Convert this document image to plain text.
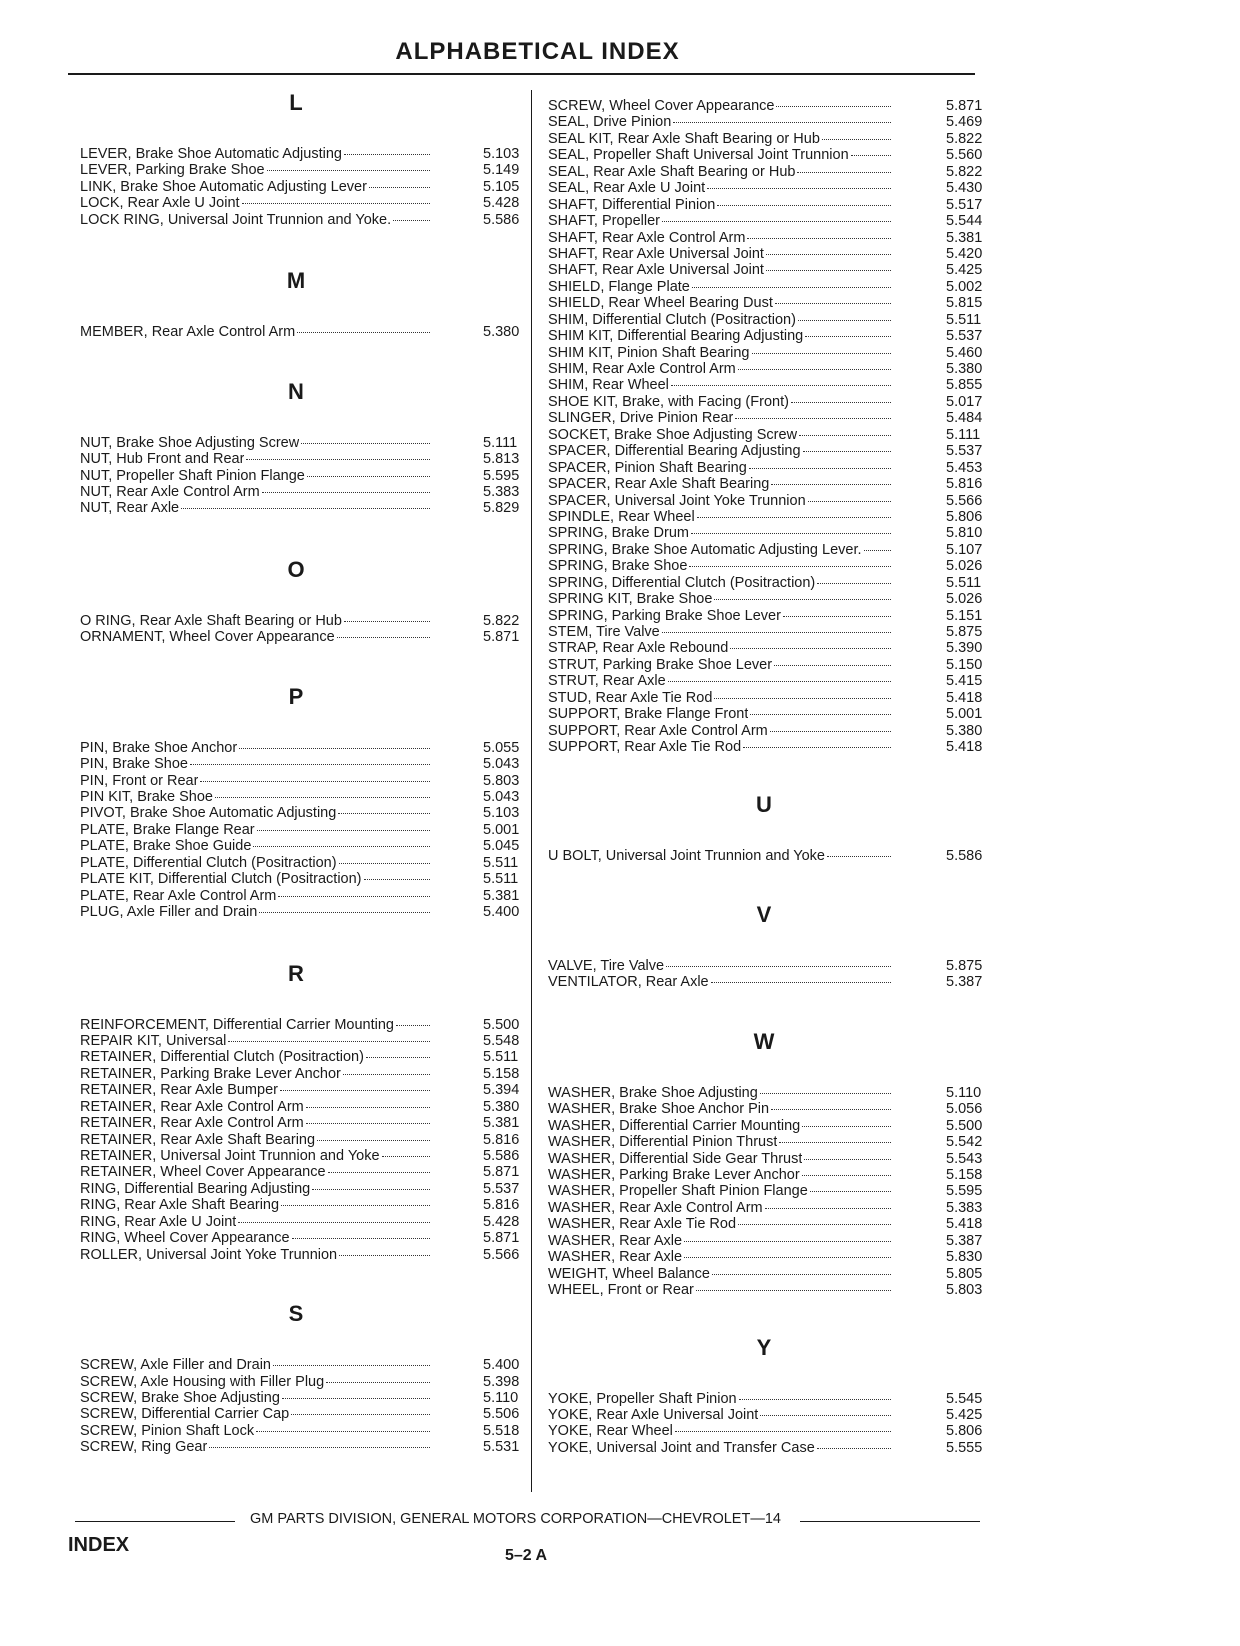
ALPHABETICAL INDEX
L
LEVER, Brake Shoe Automatic Adjusting	5.103
LEVER, Parking Brake Shoe	5.149
LINK, Brake Shoe Automatic Adjusting Lever	5.105
LOCK, Rear Axle U Joint	5.428
LOCK RING, Universal Joint Trunnion and Yoke.	5.586
M
MEMBER, Rear Axle Control Arm	5.380
N
NUT, Brake Shoe Adjusting Screw	5.111
NUT, Hub Front and Rear	5.813
NUT, Propeller Shaft Pinion Flange	5.595
NUT, Rear Axle Control Arm	5.383
NUT, Rear Axle	5.829
O
O RING, Rear Axle Shaft Bearing or Hub	5.822
ORNAMENT, Wheel Cover Appearance	5.871
P
PIN, Brake Shoe Anchor	5.055
PIN, Brake Shoe	5.043
PIN, Front or Rear	5.803
PIN KIT, Brake Shoe	5.043
PIVOT, Brake Shoe Automatic Adjusting	5.103
PLATE, Brake Flange Rear	5.001
PLATE, Brake Shoe Guide	5.045
PLATE, Differential Clutch (Positraction)	5.511
PLATE KIT, Differential Clutch (Positraction)	5.511
PLATE, Rear Axle Control Arm	5.381
PLUG, Axle Filler and Drain	5.400
R
REINFORCEMENT, Differential Carrier Mounting	5.500
REPAIR KIT, Universal	5.548
RETAINER, Differential Clutch (Positraction)	5.511
RETAINER, Parking Brake Lever Anchor	5.158
RETAINER, Rear Axle Bumper	5.394
RETAINER, Rear Axle Control Arm	5.380
RETAINER, Rear Axle Control Arm	5.381
RETAINER, Rear Axle Shaft Bearing	5.816
RETAINER, Universal Joint Trunnion and Yoke	5.586
RETAINER, Wheel Cover Appearance	5.871
RING, Differential Bearing Adjusting	5.537
RING, Rear Axle Shaft Bearing	5.816
RING, Rear Axle U Joint	5.428
RING, Wheel Cover Appearance	5.871
ROLLER, Universal Joint Yoke Trunnion	5.566
S
SCREW, Axle Filler and Drain	5.400
SCREW, Axle Housing with Filler Plug	5.398
SCREW, Brake Shoe Adjusting	5.110
SCREW, Differential Carrier Cap	5.506
SCREW, Pinion Shaft Lock	5.518
SCREW, Ring Gear	5.531
SCREW, Wheel Cover Appearance	5.871
SEAL, Drive Pinion	5.469
SEAL KIT, Rear Axle Shaft Bearing or Hub	5.822
SEAL, Propeller Shaft Universal Joint Trunnion	5.560
SEAL, Rear Axle Shaft Bearing or Hub	5.822
SEAL, Rear Axle U Joint	5.430
SHAFT, Differential Pinion	5.517
SHAFT, Propeller	5.544
SHAFT, Rear Axle Control Arm	5.381
SHAFT, Rear Axle Universal Joint	5.420
SHAFT, Rear Axle Universal Joint	5.425
SHIELD, Flange Plate	5.002
SHIELD, Rear Wheel Bearing Dust	5.815
SHIM, Differential Clutch (Positraction)	5.511
SHIM KIT, Differential Bearing Adjusting	5.537
SHIM KIT, Pinion Shaft Bearing	5.460
SHIM, Rear Axle Control Arm	5.380
SHIM, Rear Wheel	5.855
SHOE KIT, Brake, with Facing (Front)	5.017
SLINGER, Drive Pinion Rear	5.484
SOCKET, Brake Shoe Adjusting Screw	5.111
SPACER, Differential Bearing Adjusting	5.537
SPACER, Pinion Shaft Bearing	5.453
SPACER, Rear Axle Shaft Bearing	5.816
SPACER, Universal Joint Yoke Trunnion	5.566
SPINDLE, Rear Wheel	5.806
SPRING, Brake Drum	5.810
SPRING, Brake Shoe Automatic Adjusting Lever.	5.107
SPRING, Brake Shoe	5.026
SPRING, Differential Clutch (Positraction)	5.511
SPRING KIT, Brake Shoe	5.026
SPRING, Parking Brake Shoe Lever	5.151
STEM, Tire Valve	5.875
STRAP, Rear Axle Rebound	5.390
STRUT, Parking Brake Shoe Lever	5.150
STRUT, Rear Axle	5.415
STUD, Rear Axle Tie Rod	5.418
SUPPORT, Brake Flange Front	5.001
SUPPORT, Rear Axle Control Arm	5.380
SUPPORT, Rear Axle Tie Rod	5.418
U
U BOLT, Universal Joint Trunnion and Yoke	5.586
V
VALVE, Tire Valve	5.875
VENTILATOR, Rear Axle	5.387
W
WASHER, Brake Shoe Adjusting	5.110
WASHER, Brake Shoe Anchor Pin	5.056
WASHER, Differential Carrier Mounting	5.500
WASHER, Differential Pinion Thrust	5.542
WASHER, Differential Side Gear Thrust	5.543
WASHER, Parking Brake Lever Anchor	5.158
WASHER, Propeller Shaft Pinion Flange	5.595
WASHER, Rear Axle Control Arm	5.383
WASHER, Rear Axle Tie Rod	5.418
WASHER, Rear Axle	5.387
WASHER, Rear Axle	5.830
WEIGHT, Wheel Balance	5.805
WHEEL, Front or Rear	5.803
Y
YOKE, Propeller Shaft Pinion	5.545
YOKE, Rear Axle Universal Joint	5.425
YOKE, Rear Wheel	5.806
YOKE, Universal Joint and Transfer Case	5.555
GM PARTS DIVISION, GENERAL MOTORS CORPORATION—CHEVROLET—14
INDEX	5–2 A
